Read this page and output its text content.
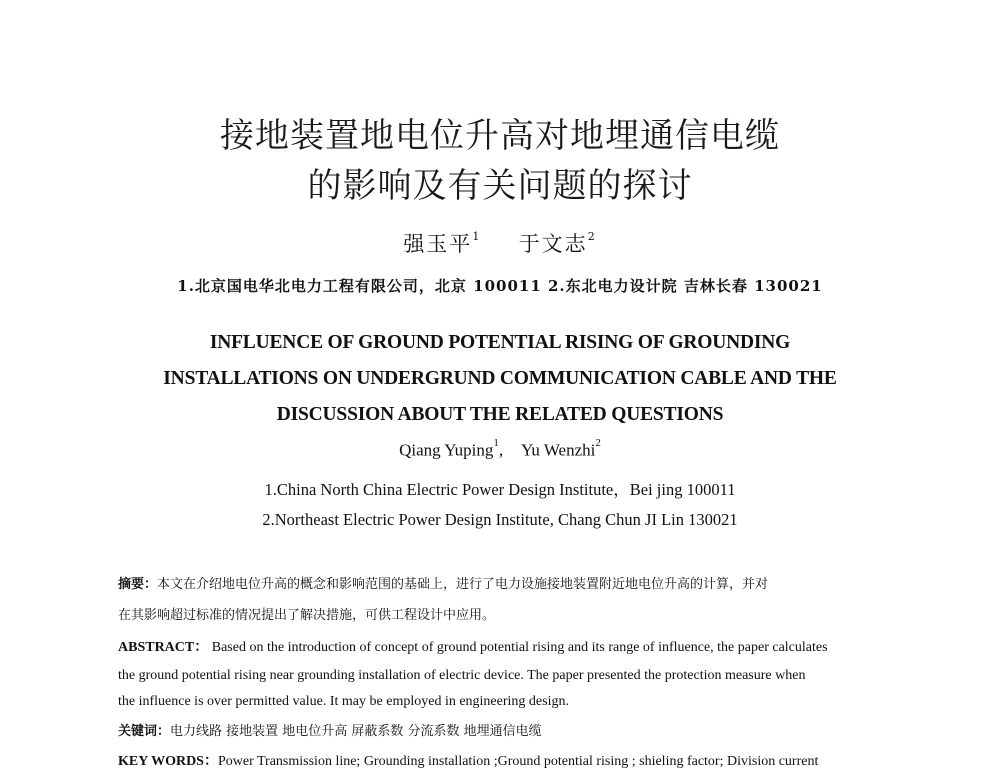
接地装置地电位升高对地埋通信电缆
的影响及有关问题的探讨
强玉平$^1$ 于文志$^2$
1.北京国电华北电力工程有限公司，北京 100011 2.东北电力设计院 吉林长春 130021
INFLUENCE OF GROUND POTENTIAL RISING OF GROUNDING
INSTALLATIONS ON UNDERGRUND COMMUNICATION CABLE AND THE
DISCUSSION ABOUT THE RELATED QUESTIONS
Qiang Yuping$^1$, Yu Wenzhi$^2$
1.China North China Electric Power Design Institute，Bei jing 100011
2.Northeast Electric Power Design Institute, Chang Chun JI Lin 130021
摘要：本文在介绍地电位升高的概念和影响范围的基础上，进行了电力设施接地装置附近地电位升高的计算，并对
在其影响超过标准的情况提出了解决措施，可供工程设计中应用。
ABSTRACT： Based on the introduction of concept of ground potential rising and its range of influence, the paper calculates
the ground potential rising near grounding installation of electric device. The paper presented the protection measure when
the influence is over permitted value. It may be employed in engineering design.
关键词：电力线路 接地装置 地电位升高 屏蔽系数 分流系数 地埋通信电缆
KEY WORDS：Power Transmission line; Grounding installation ;Ground potential rising ; shieling factor; Division current
